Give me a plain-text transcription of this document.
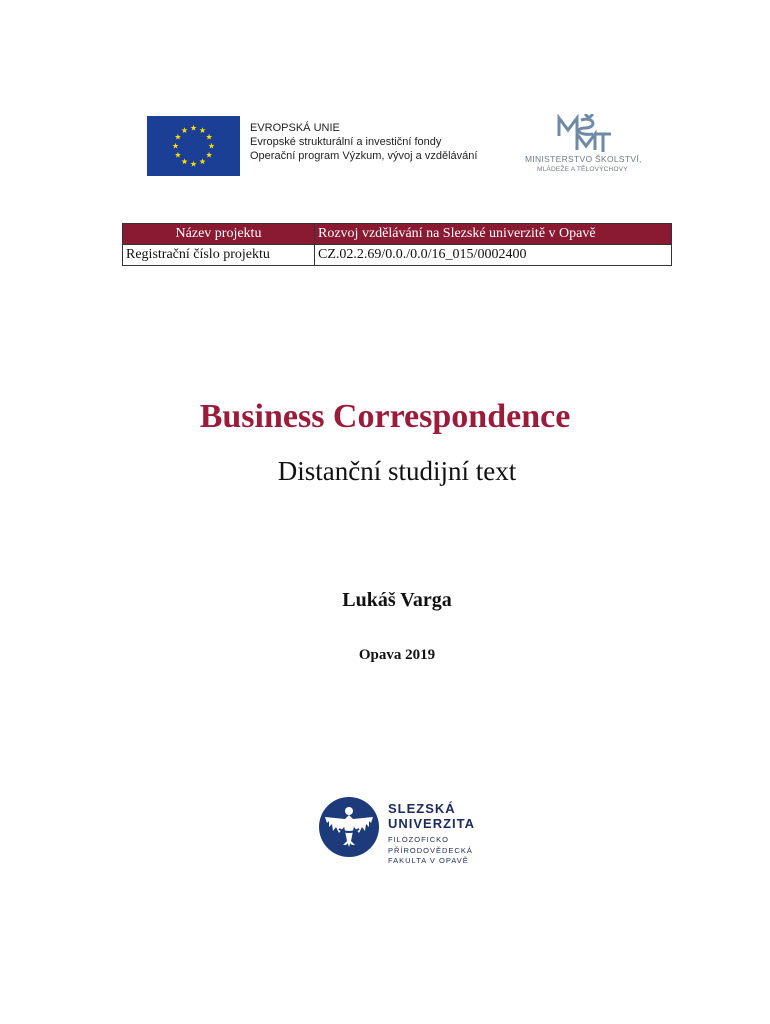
EVROPSKÁ UNIE
Evropské strukturální a investiční fondy
Operační program Výzkum, vývoj a vzdělávání	MINISTERSTVO ŠKOLSTVÍ,
MLÁDEŽE A TĚLOVÝCHOVY
Název projektu	Rozvoj vzdělávání na Slezské univerzitě v Opavě
Registrační číslo projektu	CZ.02.2.69/0.0./0.0/16_015/0002400
Business Correspondence
Distanční studijní text
Lukáš Varga
Opava 2019
SLEZSKÁ
UNIVERZITA
FILOZOFICKO
PŘÍRODOVĚDECKÁ
FAKULTA V OPAVĚ
